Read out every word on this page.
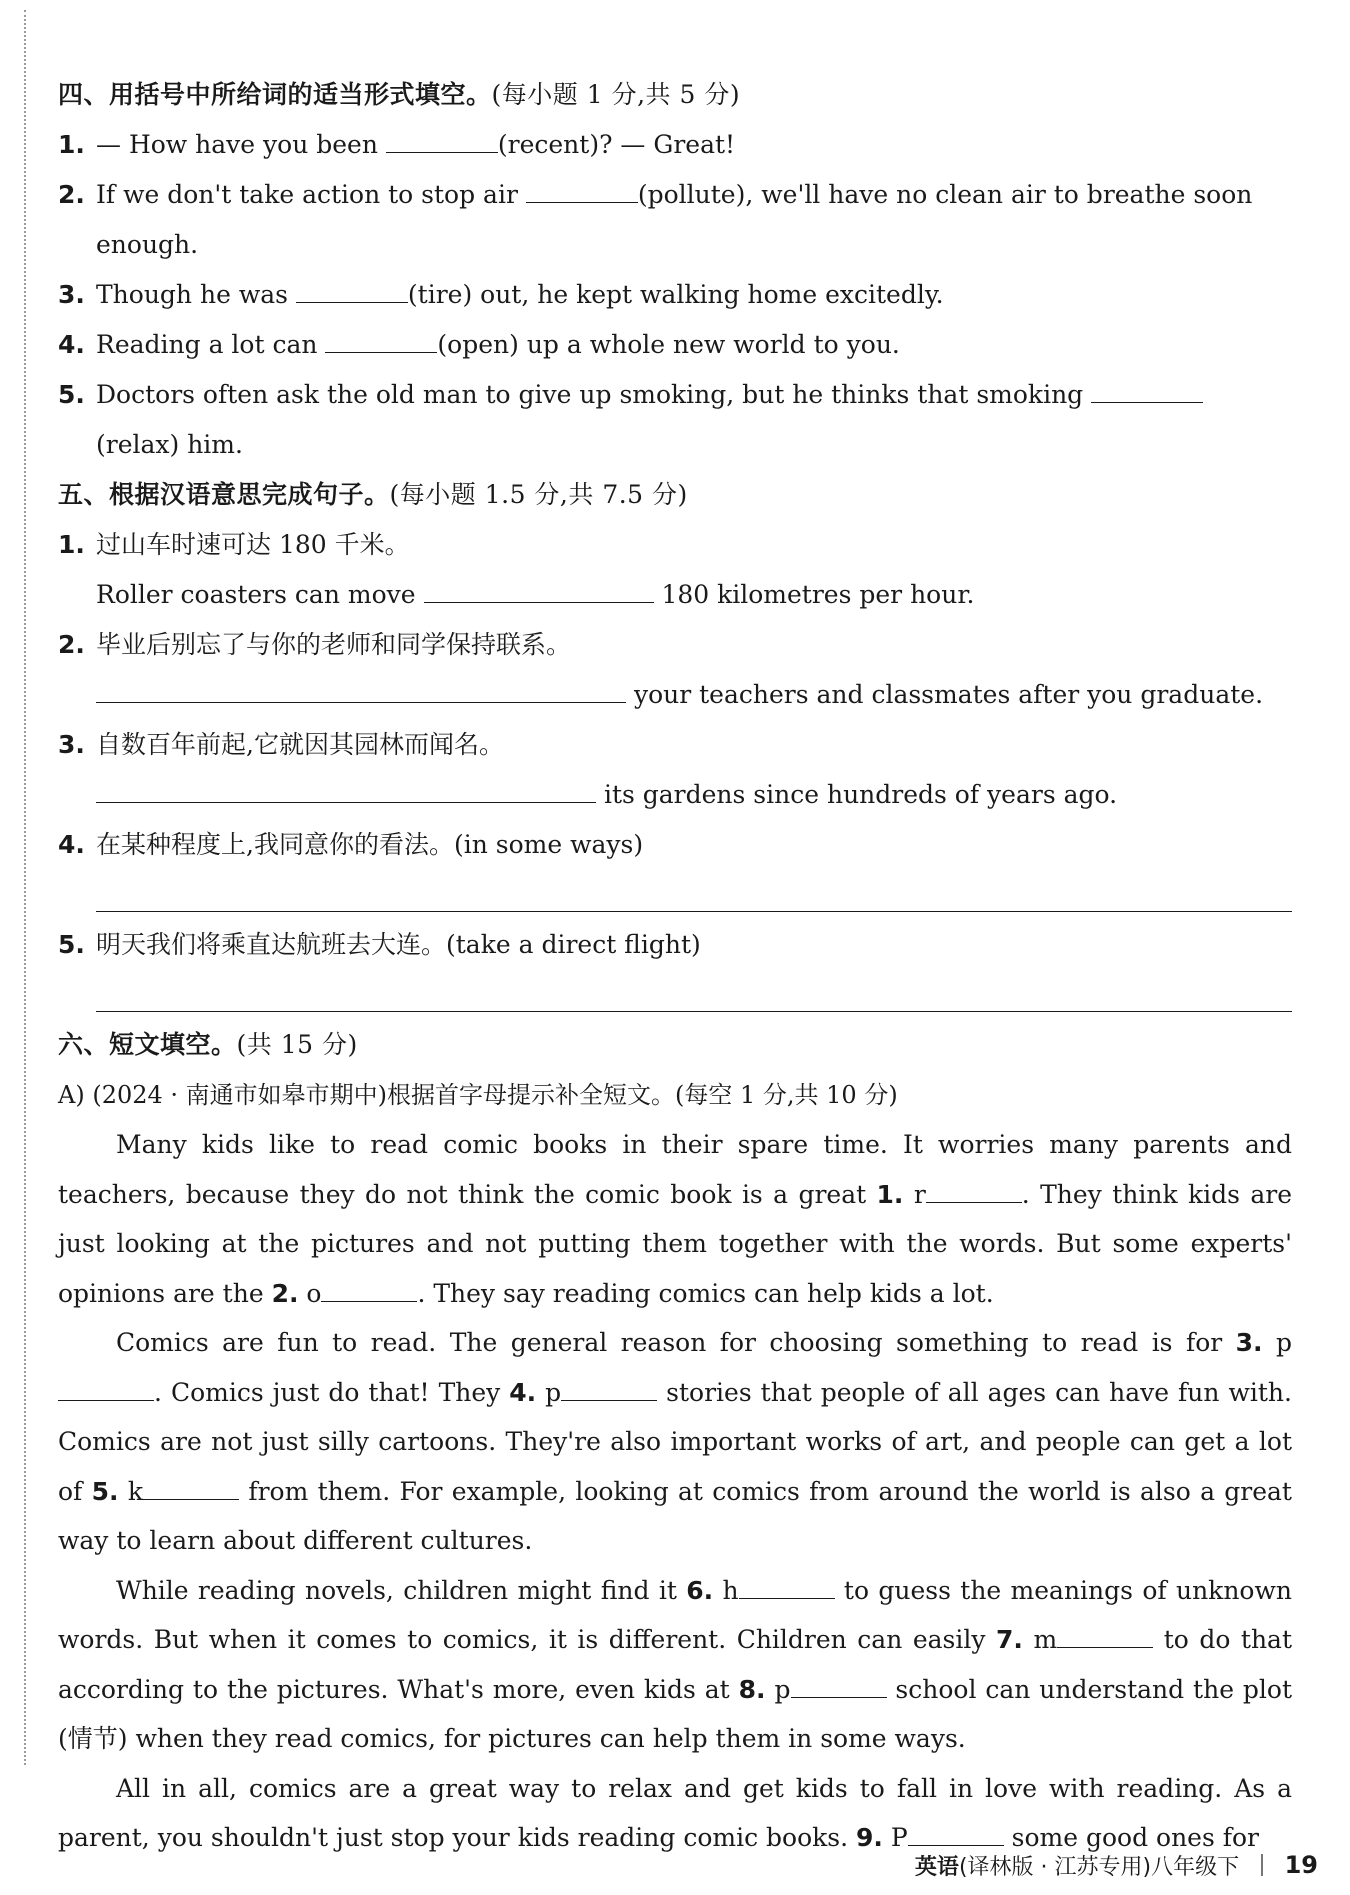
四、用括号中所给词的适当形式填空。(每小题 1 分,共 5 分)
1. — How have you been	(recent)? — Great!
2. If we don't take action to stop air	(pollute), we'll have no clean air to breathe soon
enough.
3. Though he was	(tire) out, he kept walking home excitedly.
4. Reading a lot can	(open) up a whole new world to you.
5. Doctors often ask the old man to give up smoking, but he thinks that smoking
(relax) him.
五、根据汉语意思完成句子。(每小题 1.5 分,共 7.5 分)
1. 过山车时速可达 180 千米。
Roller coasters can move	180 kilometres per hour.
2. 毕业后别忘了与你的老师和同学保持联系。
your teachers and classmates after you graduate.
3. 自数百年前起,它就因其园林而闻名。
its gardens since hundreds of years ago.
4. 在某种程度上,我同意你的看法。(in some ways)
5. 明天我们将乘直达航班去大连。(take a direct flight)
六、短文填空。(共 15 分)
A) (2024 · 南通市如皋市期中)根据首字母提示补全短文。(每空 1 分,共 10 分)

Many kids like to read comic books in their spare time. It worries many parents and teachers, because they do not think the comic book is a great 1. r	. They think kids are just looking at the pictures and not putting them together with the words. But some experts' opinions are the 2. o	. They say reading comics can help kids a lot.

Comics are fun to read. The general reason for choosing something to read is for 3. p. Comics just do that! They 4. p	stories that people of all ages can have fun with. Comics are not just silly cartoons. They're also important works of art, and people can get a lot of 5. k	from them. For example, looking at comics from around the world is also a great way to learn about different cultures.

While reading novels, children might find it 6. h	to guess the meanings of unknown words. But when it comes to comics, it is different. Children can easily 7. m	to do that according to the pictures. What's more, even kids at 8. p	school can understand the plot (情节) when they read comics, for pictures can help them in some ways.

All in all, comics are a great way to relax and get kids to fall in love with reading. As a parent, you shouldn't just stop your kids reading comic books. 9. P	some good ones for

英语 (译林版 · 江苏专用)八年级下 19
